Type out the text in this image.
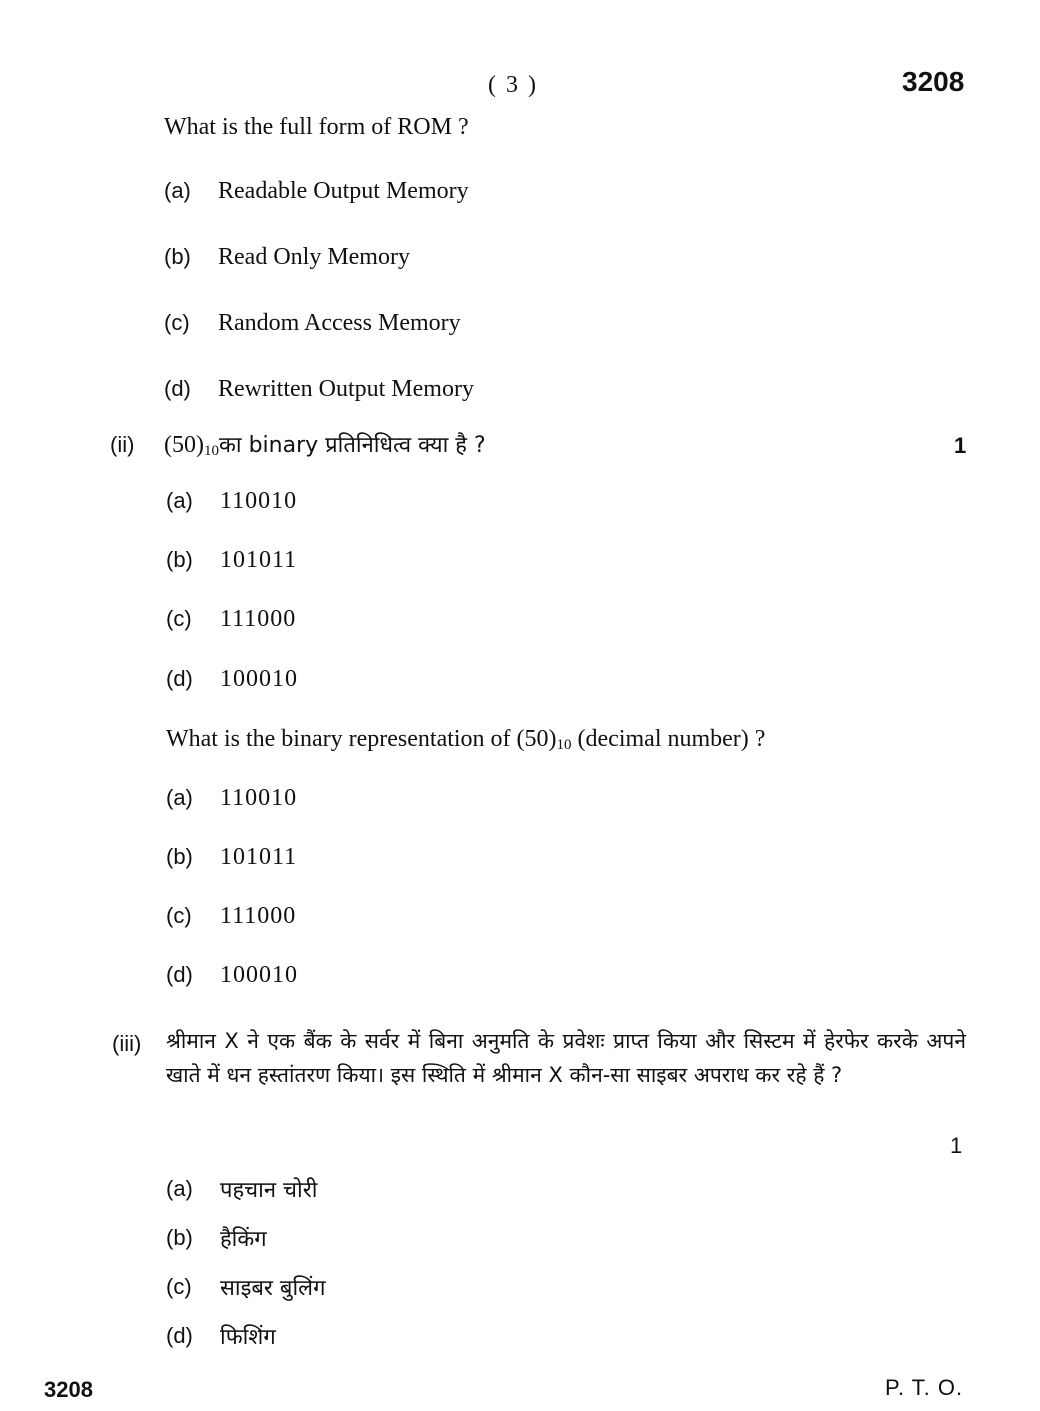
( 3 )	3208
What is the full form of ROM ?
(a) Readable Output Memory
(b) Read Only Memory
(c) Random Access Memory
(d) Rewritten Output Memory
(ii) $(50)_{10}का$ binary प्रतिनिधित्व क्या है ?	1
(a) 110010
(b) 101011
(c) 111000
(d) 100010
What is the binary representation of $(50)_{10}$ (decimal number) ?
(a) 110010
(b) 101011
(c) 111000
(d) 100010
(iii) श्रीमान X ने एक बैंक के सर्वर में बिना अनुमति के प्रवेशः प्राप्त किया और सिस्टम में हेरफेर करके अपने खाते में धन हस्तांतरण किया। इस स्थिति में श्रीमान X कौन-सा साइबर अपराध कर रहे हैं ?
1
(a) पहचान चोरी
(b) हैकिंग
(c) साइबर बुलिंग
(d) फिशिंग
3208	P. T. O.
